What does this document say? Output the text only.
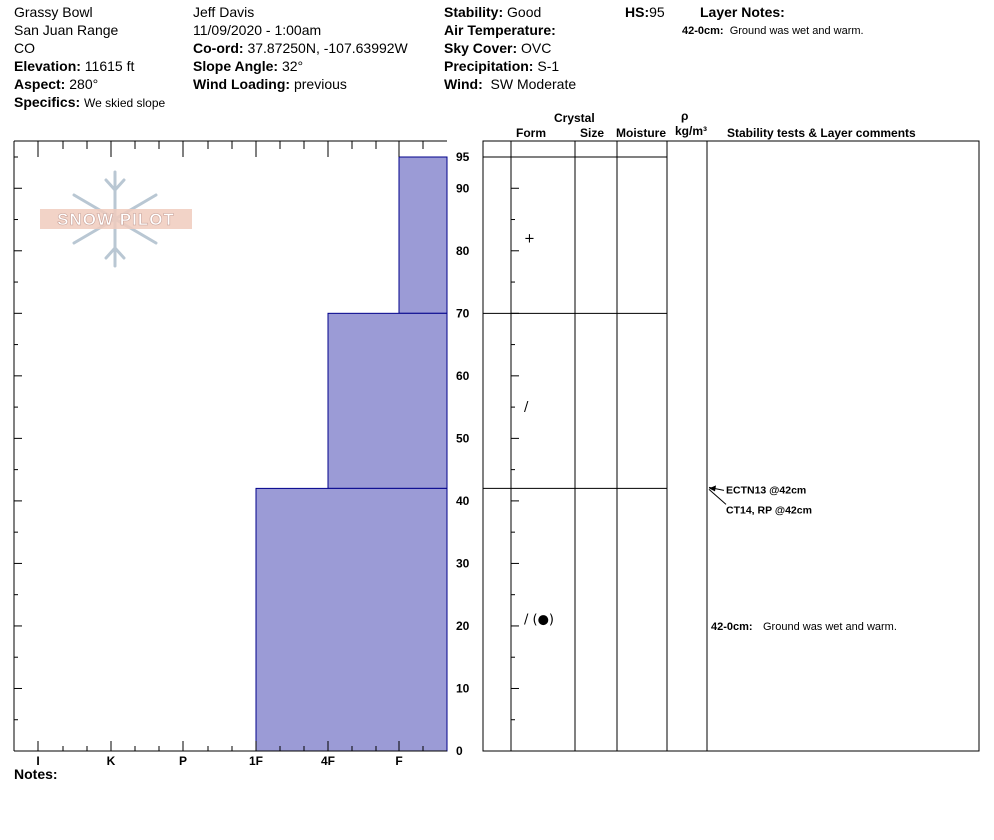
Grassy Bowl
San Juan Range
CO
Elevation: 11615 ft
Aspect: 280°
Specifics: We skied slope
Jeff Davis
11/09/2020 - 1:00am
Co-ord: 37.87250N, -107.63992W
Slope Angle: 32°
Wind Loading: previous
Stability: Good
Air Temperature:
Sky Cover: OVC
Precipitation: S-1
Wind: SW Moderate
HS:95	Layer Notes:
42-0cm: Ground was wet and warm.
Crystal
Form	Size Moisture
ρ
kg/m³ Stability tests & Layer comments
Notes:
SNOW PILOT
0
10
20
30
40
50
60
70
80
90
95
I	K	P	1F	4F	F
+
/
/ (●)
ECTN13 @42cm
CT14, RP @42cm
42-0cm: Ground was wet and warm.
